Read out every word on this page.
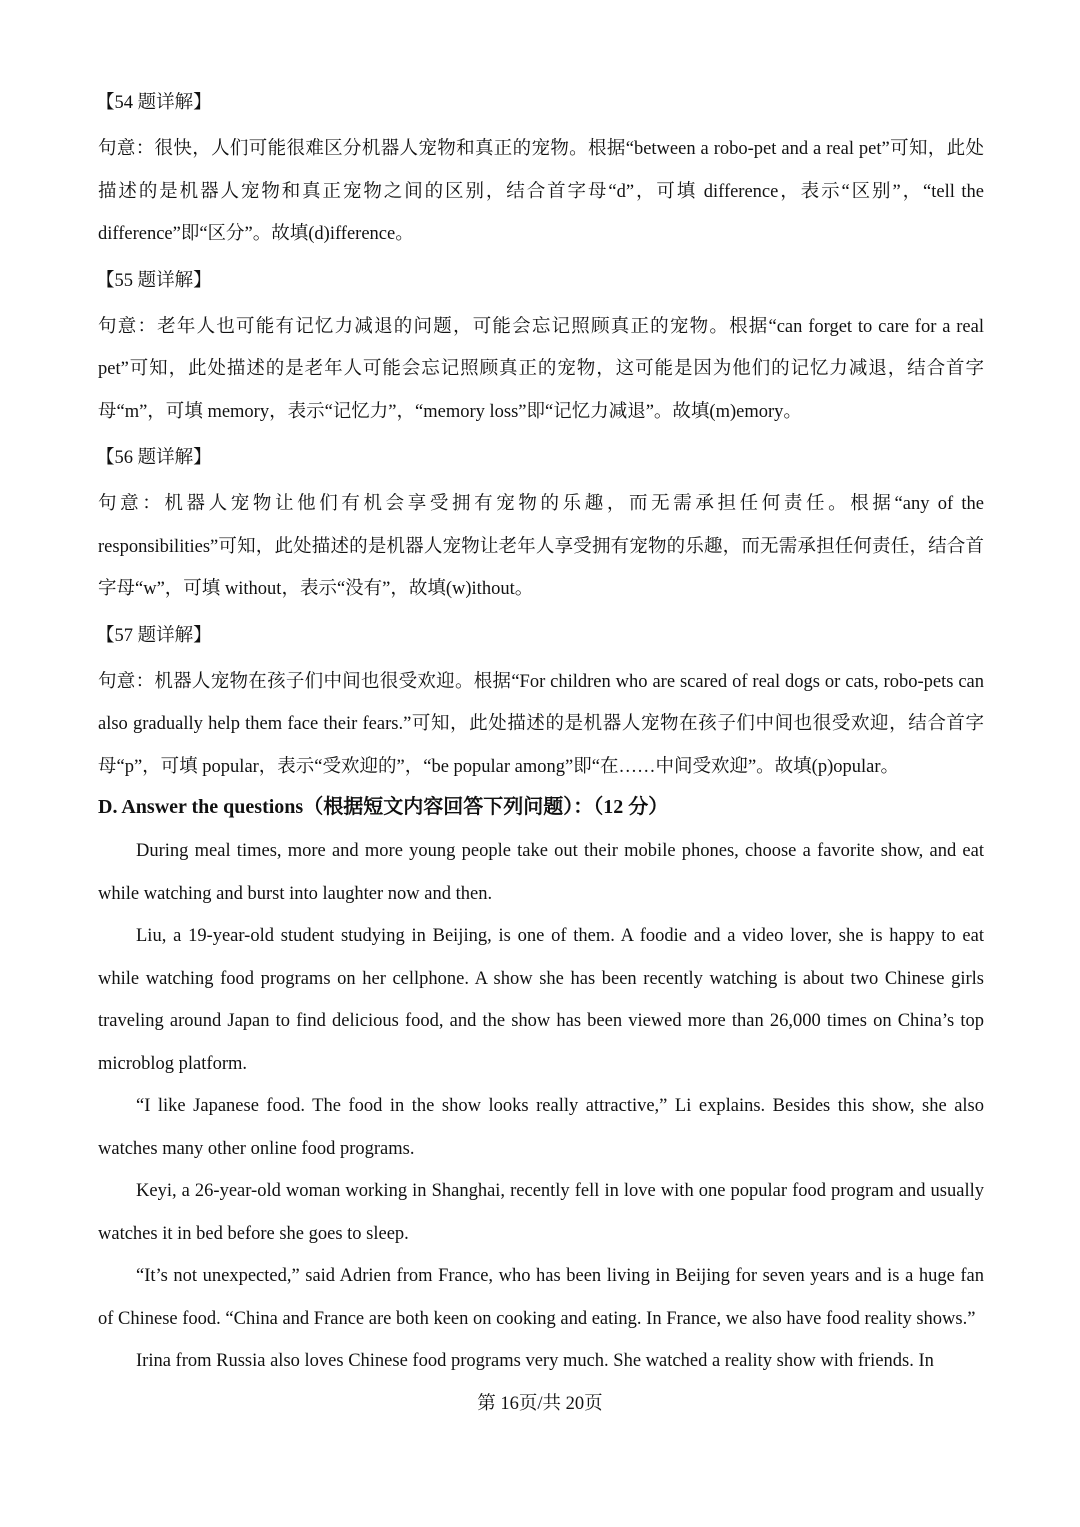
【54 题详解】

句意：很快，人们可能很难区分机器人宠物和真正的宠物。根据“between a robo-pet and a real pet”可知，此处描述的是机器人宠物和真正宠物之间的区别，结合首字母“d”，可填 difference，表示“区别”，“tell the difference”即“区分”。故填(d)ifference。

【55 题详解】

句意：老年人也可能有记忆力减退的问题，可能会忘记照顾真正的宠物。根据“can forget to care for a real pet”可知，此处描述的是老年人可能会忘记照顾真正的宠物，这可能是因为他们的记忆力减退，结合首字母“m”，可填 memory，表示“记忆力”，“memory loss”即“记忆力减退”。故填(m)emory。

【56 题详解】

句意：机器人宠物让他们有机会享受拥有宠物的乐趣，而无需承担任何责任。根据“any of the responsibilities”可知，此处描述的是机器人宠物让老年人享受拥有宠物的乐趣，而无需承担任何责任，结合首字母“w”，可填 without，表示“没有”，故填(w)ithout。

【57 题详解】

句意：机器人宠物在孩子们中间也很受欢迎。根据“For children who are scared of real dogs or cats, robo-pets can also gradually help them face their fears.”可知，此处描述的是机器人宠物在孩子们中间也很受欢迎，结合首字母“p”，可填 popular，表示“受欢迎的”，“be popular among”即“在……中间受欢迎”。故填(p)opular。

D. Answer the questions（根据短文内容回答下列问题）：（12 分）

During meal times, more and more young people take out their mobile phones, choose a favorite show, and eat while watching and burst into laughter now and then.

Liu, a 19-year-old student studying in Beijing, is one of them. A foodie and a video lover, she is happy to eat while watching food programs on her cellphone. A show she has been recently watching is about two Chinese girls traveling around Japan to find delicious food, and the show has been viewed more than 26,000 times on China’s top microblog platform.

“I like Japanese food. The food in the show looks really attractive,” Li explains. Besides this show, she also watches many other online food programs.

Keyi, a 26-year-old woman working in Shanghai, recently fell in love with one popular food program and usually watches it in bed before she goes to sleep.

“It’s not unexpected,” said Adrien from France, who has been living in Beijing for seven years and is a huge fan of Chinese food. “China and France are both keen on cooking and eating. In France, we also have food reality shows.”

Irina from Russia also loves Chinese food programs very much. She watched a reality show with friends. In

第 16页/共 20页
